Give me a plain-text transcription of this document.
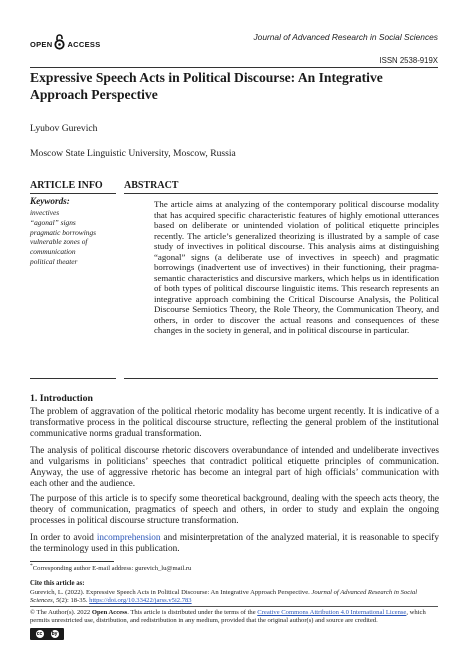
OPEN ACCESS
Journal of Advanced Research in Social Sciences
ISSN 2538-919X
Expressive Speech Acts in Political Discourse: An Integrative Approach Perspective
Lyubov Gurevich
Moscow State Linguistic University, Moscow, Russia
ARTICLE INFO ABSTRACT
Keywords:
invectives
“agonal” signs
pragmatic borrowings
vulnerable zones of
communication
political theater
The article aims at analyzing of the contemporary political discourse modality that has acquired specific characteristic features of highly emotional utterances based on deliberate or unintended violation of political etiquette principles recently. The article’s generalized theorizing is illustrated by a sample of case study of invectives in political discourse. This analysis aims at distinguishing “agonal” signs (a deliberate use of invectives in speech) and pragmatic borrowings (inadvertent use of invectives) in their functioning, their pragma-semantic characteristics and discursive markers, which helps us in identification of both types of political discourse linguistic items. This research represents an integrative approach combining the Critical Discourse Analysis, the Political Discourse Semiotics Theory, the Role Theory, the Communication Theory, and others, in order to discover the actual reasons and consequences of these changes in the society in general, and in political discourse in particular.
1. Introduction
The problem of aggravation of the political rhetoric modality has become urgent recently. It is indicative of a transformative process in the political discourse structure, reflecting the general problem of the institutional communicative norms gradual transformation.
The analysis of political discourse rhetoric discovers overabundance of intended and undeliberate invectives and vulgarisms in politicians’ speeches that contradict political etiquette principles of communication. Anyway, the use of aggressive rhetoric has become an integral part of high officials’ communication with each other and the audience.
The purpose of this article is to specify some theoretical background, dealing with the speech acts theory, the theory of communication, pragmatics of speech and others, in order to study and explain the ongoing processes in political discourse structure transformation.
In order to avoid incomprehension and misinterpretation of the analyzed material, it is reasonable to specify the terminology used in this publication.
*Corresponding author E-mail address: gurevich_lu@mail.ru
Cite this article as:
Gurevich, L. (2022). Expressive Speech Acts in Political Discourse: An Integrative Approach Perspective. Journal of Advanced Research in Social Sciences, 5(2): 18-35. https://doi.org/10.33422/jarss.v5i2.783
© The Author(s). 2022 Open Access. This article is distributed under the terms of the Creative Commons Attribution 4.0 International License, which permits unrestricted use, distribution, and redistribution in any medium, provided that the original author(s) and source are credited.
cc by
